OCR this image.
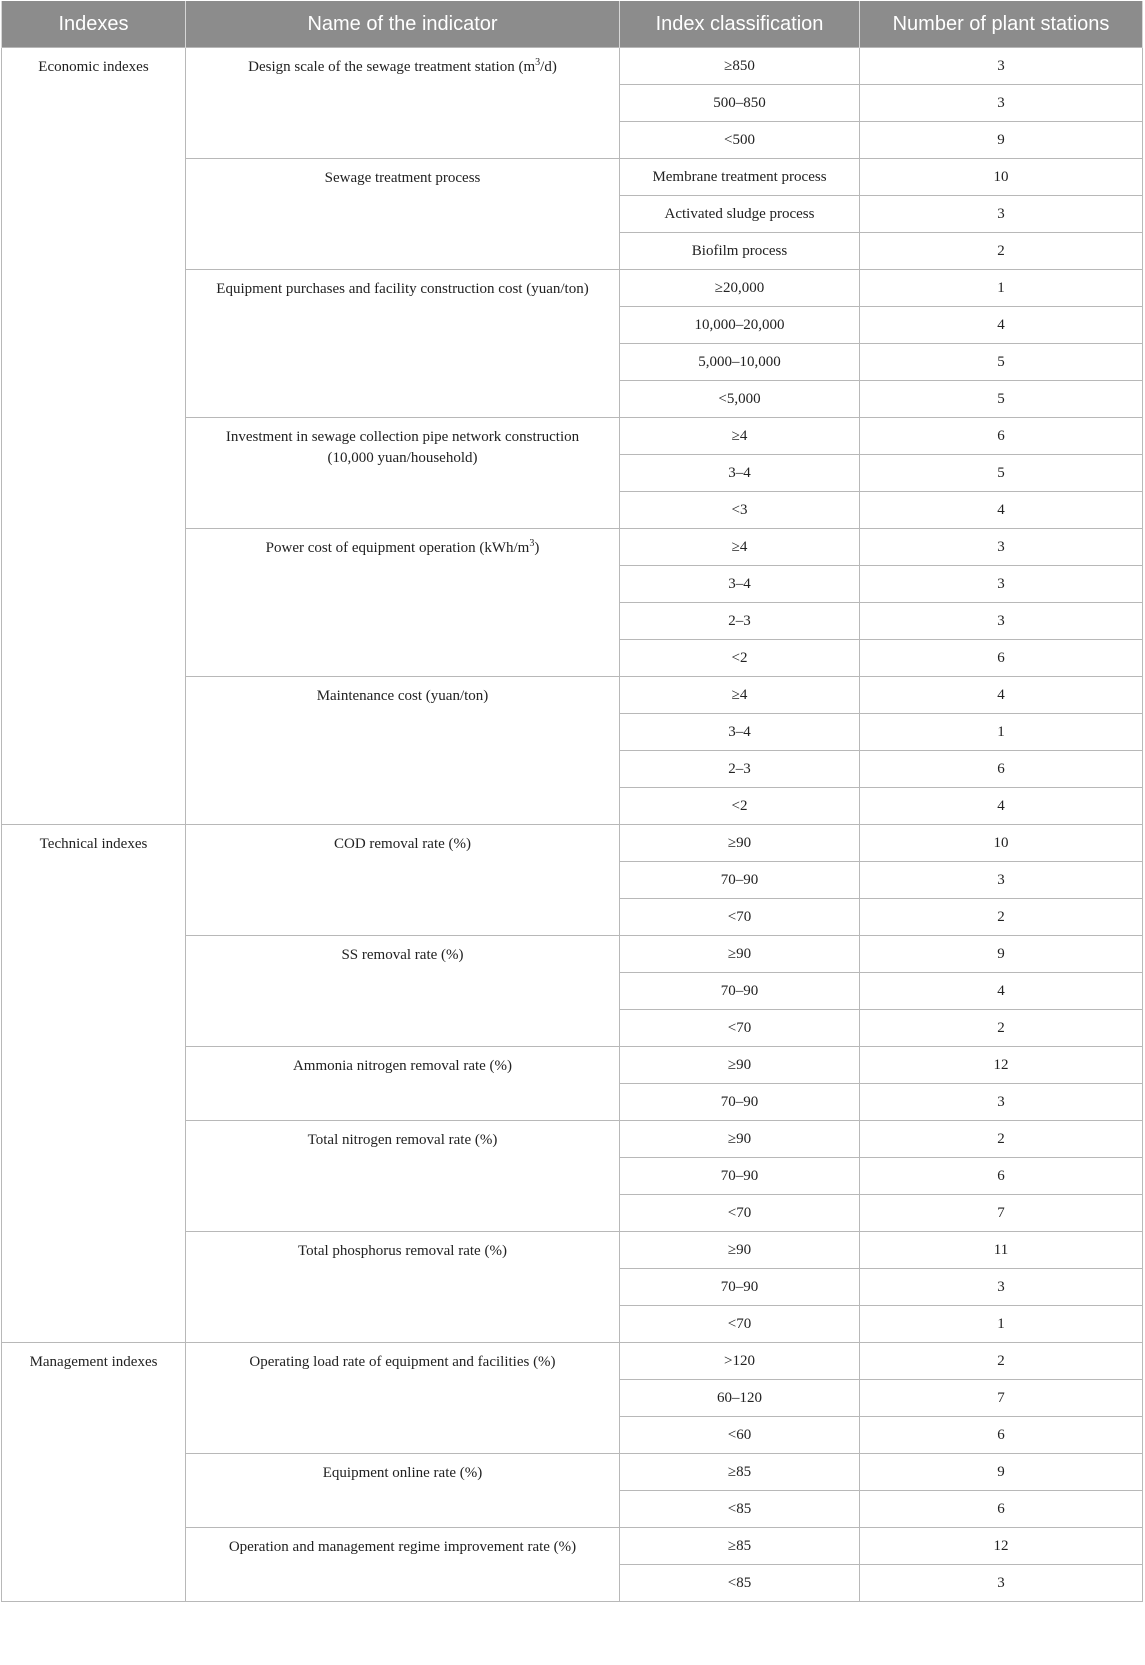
Indexes	Name of the indicator	Index classification	Number of plant stations
Economic indexes	Design scale of the sewage treatment station $(m^3/d)$	≥850	3
		500–850	3
		<500	9
	Sewage treatment process	Membrane treatment process	10
		Activated sludge process	3
		Biofilm process	2
	Equipment purchases and facility construction cost (yuan/ton)	≥20,000	1
		10,000–20,000	4
		5,000–10,000	5
		<5,000	5
	Investment in sewage collection pipe network construction (10,000 yuan/household)	≥4	6
		3–4	5
		<3	4
	Power cost of equipment operation $(kWh/m^3)$	≥4	3
		3–4	3
		2–3	3
		<2	6
	Maintenance cost (yuan/ton)	≥4	4
		3–4	1
		2–3	6
		<2	4
Technical indexes	COD removal rate (%)	≥90	10
		70–90	3
		<70	2
	SS removal rate (%)	≥90	9
		70–90	4
		<70	2
	Ammonia nitrogen removal rate (%)	≥90	12
		70–90	3
	Total nitrogen removal rate (%)	≥90	2
		70–90	6
		<70	7
	Total phosphorus removal rate (%)	≥90	11
		70–90	3
		<70	1
Management indexes	Operating load rate of equipment and facilities (%)	>120	2
		60–120	7
		<60	6
	Equipment online rate (%)	≥85	9
		<85	6
	Operation and management regime improvement rate (%)	≥85	12
		<85	3
